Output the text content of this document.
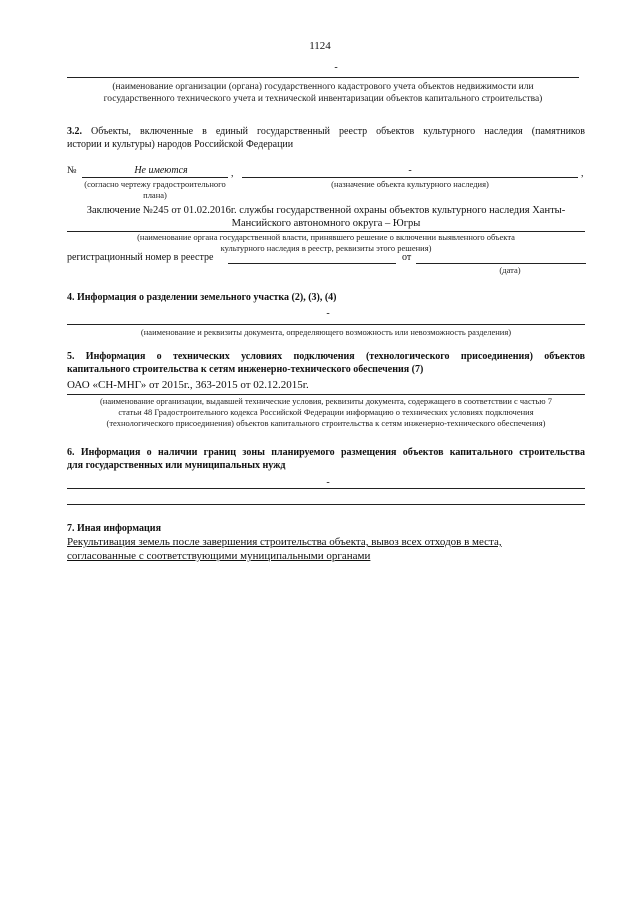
1124
-
(наименование организации (органа) государственного кадастрового учета объектов недвижимости или
государственного технического учета и технической инвентаризации объектов капитального строительства)
3.2. Объекты, включенные в единый государственный реестр объектов культурного наследия (памятников
истории и культуры) народов Российской Федерации
№	Не имеются	,	-	,
(согласно чертежу градостроительного
плана)
(назначение объекта культурного наследия)
Заключение №245 от 01.02.2016г. службы государственной охраны объектов культурного наследия Ханты-
Мансийского автономного округа – Югры
(наименование органа государственной власти, принявшего решение о включении выявленного объекта
культурного наследия в реестр, реквизиты этого решения)
регистрационный номер в реестре	от
(дата)
4. Информация о разделении земельного участка (2), (3), (4)
-
(наименование и реквизиты документа, определяющего возможность или невозможность разделения)
5. Информация о технических условиях подключения (технологического присоединения) объектов
капитального строительства к сетям инженерно-технического обеспечения (7)
ОАО «СН-МНГ» от 2015г., 363-2015 от 02.12.2015г.
(наименование организации, выдавшей технические условия, реквизиты документа, содержащего в соответствии с частью 7
статьи 48 Градостроительного кодекса Российской Федерации информацию о технических условиях подключения
(технологического присоединения) объектов капитального строительства к сетям инженерно-технического обеспечения)
6. Информация о наличии границ зоны планируемого размещения объектов капитального строительства
для государственных или муниципальных нужд
-
7. Иная информация
Рекультивация земель после завершения строительства объекта, вывоз всех отходов в места,
согласованные с соответствующими муниципальными органами
